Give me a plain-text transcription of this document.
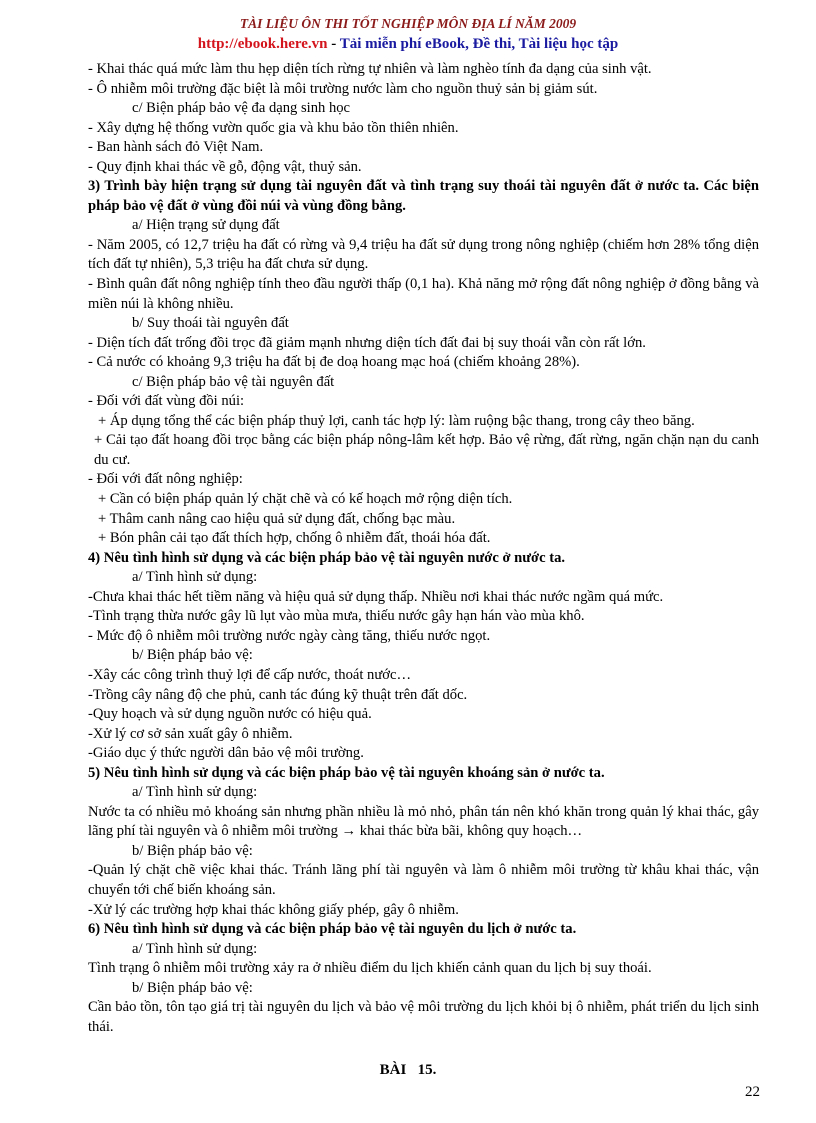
TÀI LIỆU ÔN THI TỐT NGHIỆP MÔN ĐỊA LÍ NĂM 2009
http://ebook.here.vn - Tải miễn phí eBook, Đề thi, Tài liệu học tập
- Khai thác quá mức làm thu hẹp diện tích rừng tự nhiên và làm nghèo tính đa dạng của sinh vật.
- Ô nhiễm môi trường đặc biệt là môi trường nước làm cho nguồn thuỷ sản bị giảm sút.
c/ Biện pháp bảo vệ đa dạng sinh học
- Xây dựng hệ thống vườn quốc gia và khu bảo tồn thiên nhiên.
- Ban hành sách đỏ Việt Nam.
- Quy định khai thác về gỗ, động vật, thuỷ sản.
3) Trình bày hiện trạng sử dụng tài nguyên đất và tình trạng suy thoái tài nguyên đất ở nước ta. Các biện pháp bảo vệ đất ở vùng đồi núi và vùng đồng bằng.
a/ Hiện trạng sử dụng đất
- Năm 2005, có 12,7 triệu ha đất có rừng và 9,4 triệu ha đất sử dụng trong nông nghiệp (chiếm hơn 28% tổng diện tích đất tự nhiên), 5,3 triệu ha đất chưa sử dụng.
- Bình quân đất nông nghiệp tính theo đầu người thấp (0,1 ha). Khả năng mở rộng đất nông nghiệp ở đồng bằng và miền núi là không nhiều.
b/ Suy thoái tài nguyên đất
- Diện tích đất trống đồi trọc đã giảm mạnh nhưng diện tích đất đai bị suy thoái vẫn còn rất lớn.
- Cả nước có khoảng 9,3 triệu ha đất bị đe doạ hoang mạc hoá (chiếm khoảng 28%).
c/ Biện pháp bảo vệ tài nguyên đất
- Đối với đất vùng đồi núi:
+ Áp dụng tổng thể các biện pháp thuỷ lợi, canh tác hợp lý: làm ruộng bậc thang, trong cây theo băng.
+ Cải tạo đất hoang đồi trọc bằng các biện pháp nông-lâm kết hợp. Bảo vệ rừng, đất rừng, ngăn chặn nạn du canh du cư.
- Đối với đất nông nghiệp:
+ Cần có biện pháp quản lý chặt chẽ và có kế hoạch mở rộng diện tích.
+ Thâm canh nâng cao hiệu quả sử dụng đất, chống bạc màu.
+ Bón phân cải tạo đất thích hợp, chống ô nhiễm đất, thoái hóa đất.
4) Nêu tình hình sử dụng và các biện pháp bảo vệ tài nguyên nước ở nước ta.
a/ Tình hình sử dụng:
-Chưa khai thác hết tiềm năng và hiệu quả sử dụng thấp. Nhiều nơi khai thác nước ngầm quá mức.
-Tình trạng thừa nước gây lũ lụt vào mùa mưa, thiếu nước gây hạn hán vào mùa khô.
- Mức độ ô nhiễm môi trường nước ngày càng tăng, thiếu nước ngọt.
b/ Biện pháp bảo vệ:
-Xây các công trình thuỷ lợi để cấp nước, thoát nước…
-Trồng cây nâng độ che phủ, canh tác đúng kỹ thuật trên đất dốc.
-Quy hoạch và sử dụng nguồn nước có hiệu quả.
-Xử lý cơ sở sản xuất gây ô nhiễm.
-Giáo dục ý thức người dân bảo vệ môi trường.
5) Nêu tình hình sử dụng và các biện pháp bảo vệ tài nguyên khoáng sản ở nước ta.
a/ Tình hình sử dụng:
Nước ta có nhiều mỏ khoáng sản nhưng phần nhiều là mỏ nhỏ, phân tán nên khó khăn trong quản lý khai thác, gây lãng phí tài nguyên và ô nhiễm môi trường → khai thác bừa bãi, không quy hoạch…
b/ Biện pháp bảo vệ:
-Quản lý chặt chẽ việc khai thác. Tránh lãng phí tài nguyên và làm ô nhiễm môi trường từ khâu khai thác, vận chuyển tới chế biến khoáng sản.
-Xử lý các trường hợp khai thác không giấy phép, gây ô nhiễm.
6) Nêu tình hình sử dụng và các biện pháp bảo vệ tài nguyên du lịch ở nước ta.
a/ Tình hình sử dụng:
Tình trạng ô nhiễm môi trường xảy ra ở nhiều điểm du lịch khiến cảnh quan du lịch bị suy thoái.
b/ Biện pháp bảo vệ:
Cần bảo tồn, tôn tạo giá trị tài nguyên du lịch và bảo vệ môi trường du lịch khỏi bị ô nhiễm, phát triển du lịch sinh thái.
BÀI   15.
22
